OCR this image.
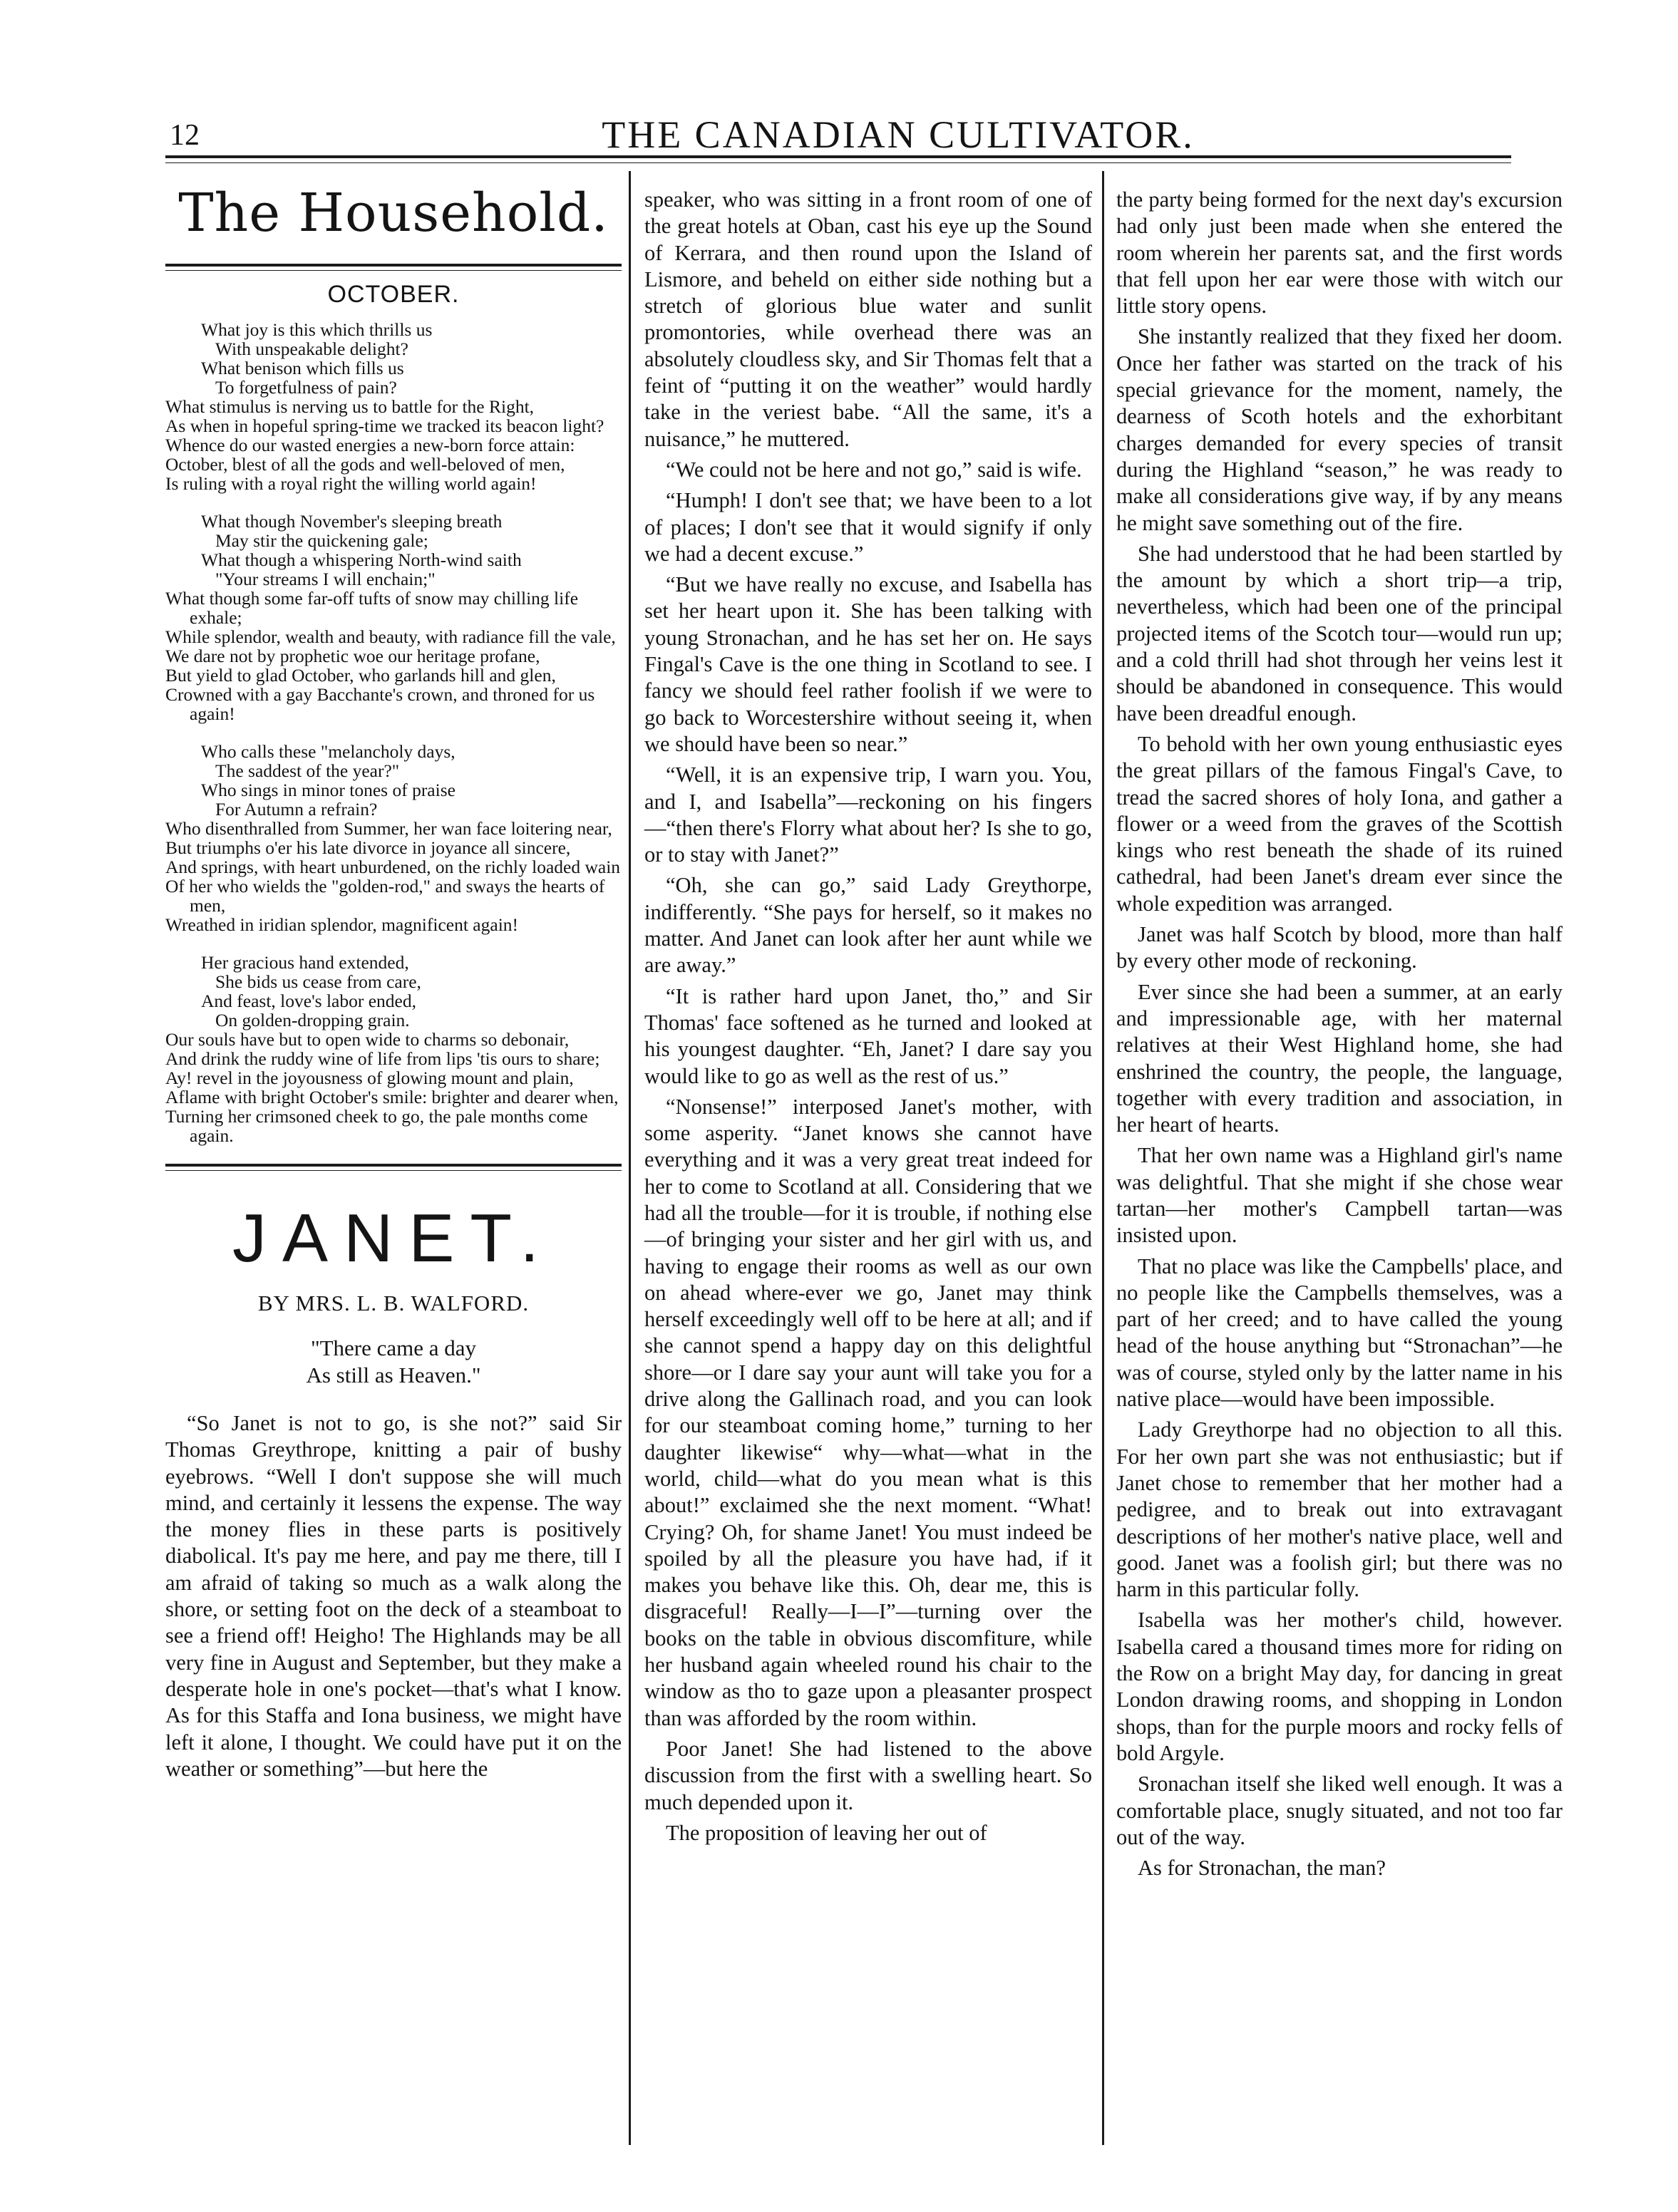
12	THE CANADIAN CULTIVATOR.
The Household.
OCTOBER.
What joy is this which thrills us
With unspeakable delight?
What benison which fills us
To forgetfulness of pain?
What stimulus is nerving us to battle for the Right,
As when in hopeful spring-time we tracked its beacon light?
Whence do our wasted energies a new-born force attain:
October, blest of all the gods and well-beloved of men,
Is ruling with a royal right the willing world again!
What though November's sleeping breath
May stir the quickening gale;
What though a whispering North-wind saith
"Your streams I will enchain;"
What though some far-off tufts of snow may chilling life exhale;
While splendor, wealth and beauty, with radiance fill the vale,
We dare not by prophetic woe our heritage profane,
But yield to glad October, who garlands hill and glen,
Crowned with a gay Bacchante's crown, and throned for us again!
Who calls these "melancholy days,
The saddest of the year?"
Who sings in minor tones of praise
For Autumn a refrain?
Who disenthralled from Summer, her wan face loitering near,
But triumphs o'er his late divorce in joyance all sincere,
And springs, with heart unburdened, on the richly loaded wain
Of her who wields the "golden-rod," and sways the hearts of men,
Wreathed in iridian splendor, magnificent again!
Her gracious hand extended,
She bids us cease from care,
And feast, love's labor ended,
On golden-dropping grain.
Our souls have but to open wide to charms so debonair,
And drink the ruddy wine of life from lips 'tis ours to share;
Ay! revel in the joyousness of glowing mount and plain,
Aflame with bright October's smile: brighter and dearer when,
Turning her crimsoned cheek to go, the pale months come again.
JANET.
BY MRS. L. B. WALFORD.
"There came a day
As still as Heaven."

“So Janet is not to go, is she not?” said Sir Thomas Greythrope, knitting a pair of bushy eyebrows. “Well I don't suppose she will much mind, and certainly it lessens the expense. The way the money flies in these parts is positively diabolical. It's pay me here, and pay me there, till I am afraid of taking so much as a walk along the shore, or setting foot on the deck of a steamboat to see a friend off! Heigho! The Highlands may be all very fine in August and September, but they make a desperate hole in one's pocket—that's what I know. As for this Staffa and Iona business, we might have left it alone, I thought. We could have put it on the weather or something”—but here the

speaker, who was sitting in a front room of one of the great hotels at Oban, cast his eye up the Sound of Kerrara, and then round upon the Island of Lismore, and beheld on either side nothing but a stretch of glorious blue water and sunlit promontories, while overhead there was an absolutely cloudless sky, and Sir Thomas felt that a feint of “putting it on the weather” would hardly take in the veriest babe. “All the same, it's a nuisance,” he muttered.

“We could not be here and not go,” said is wife.

“Humph! I don't see that; we have been to a lot of places; I don't see that it would signify if only we had a decent excuse.”

“But we have really no excuse, and Isabella has set her heart upon it. She has been talking with young Stronachan, and he has set her on. He says Fingal's Cave is the one thing in Scotland to see. I fancy we should feel rather foolish if we were to go back to Worcestershire without seeing it, when we should have been so near.”

“Well, it is an expensive trip, I warn you. You, and I, and Isabella”—reckoning on his fingers—“then there's Florry what about her? Is she to go, or to stay with Janet?”

“Oh, she can go,” said Lady Greythorpe, indifferently. “She pays for herself, so it makes no matter. And Janet can look after her aunt while we are away.”

“It is rather hard upon Janet, tho,” and Sir Thomas' face softened as he turned and looked at his youngest daughter. “Eh, Janet? I dare say you would like to go as well as the rest of us.”

“Nonsense!” interposed Janet's mother, with some asperity. “Janet knows she cannot have everything and it was a very great treat indeed for her to come to Scotland at all. Considering that we had all the trouble—for it is trouble, if nothing else—of bringing your sister and her girl with us, and having to engage their rooms as well as our own on ahead where-ever we go, Janet may think herself exceedingly well off to be here at all; and if she cannot spend a happy day on this delightful shore—or I dare say your aunt will take you for a drive along the Gallinach road, and you can look for our steamboat coming home,” turning to her daughter likewise“ why—what—what in the world, child—what do you mean what is this about!” exclaimed she the next moment. “What! Crying? Oh, for shame Janet! You must indeed be spoiled by all the pleasure you have had, if it makes you behave like this. Oh, dear me, this is disgraceful! Really—I—I”—turning over the books on the table in obvious discomfiture, while her husband again wheeled round his chair to the window as tho to gaze upon a pleasanter prospect than was afforded by the room within.

Poor Janet! She had listened to the above discussion from the first with a swelling heart. So much depended upon it.

The proposition of leaving her out of

the party being formed for the next day's excursion had only just been made when she entered the room wherein her parents sat, and the first words that fell upon her ear were those with witch our little story opens.

She instantly realized that they fixed her doom. Once her father was started on the track of his special grievance for the moment, namely, the dearness of Scoth hotels and the exhorbitant charges demanded for every species of transit during the Highland “season,” he was ready to make all considerations give way, if by any means he might save something out of the fire.

She had understood that he had been startled by the amount by which a short trip—a trip, nevertheless, which had been one of the principal projected items of the Scotch tour—would run up; and a cold thrill had shot through her veins lest it should be abandoned in consequence. This would have been dreadful enough.

To behold with her own young enthusiastic eyes the great pillars of the famous Fingal's Cave, to tread the sacred shores of holy Iona, and gather a flower or a weed from the graves of the Scottish kings who rest beneath the shade of its ruined cathedral, had been Janet's dream ever since the whole expedition was arranged.

Janet was half Scotch by blood, more than half by every other mode of reckoning.

Ever since she had been a summer, at an early and impressionable age, with her maternal relatives at their West Highland home, she had enshrined the country, the people, the language, together with every tradition and association, in her heart of hearts.

That her own name was a Highland girl's name was delightful. That she might if she chose wear tartan—her mother's Campbell tartan—was insisted upon.

That no place was like the Campbells' place, and no people like the Campbells themselves, was a part of her creed; and to have called the young head of the house anything but “Stronachan”—he was of course, styled only by the latter name in his native place—would have been impossible.

Lady Greythorpe had no objection to all this. For her own part she was not enthusiastic; but if Janet chose to remember that her mother had a pedigree, and to break out into extravagant descriptions of her mother's native place, well and good. Janet was a foolish girl; but there was no harm in this particular folly.

Isabella was her mother's child, however. Isabella cared a thousand times more for riding on the Row on a bright May day, for dancing in great London drawing rooms, and shopping in London shops, than for the purple moors and rocky fells of bold Argyle.

Sronachan itself she liked well enough. It was a comfortable place, snugly situated, and not too far out of the way.

As for Stronachan, the man?
